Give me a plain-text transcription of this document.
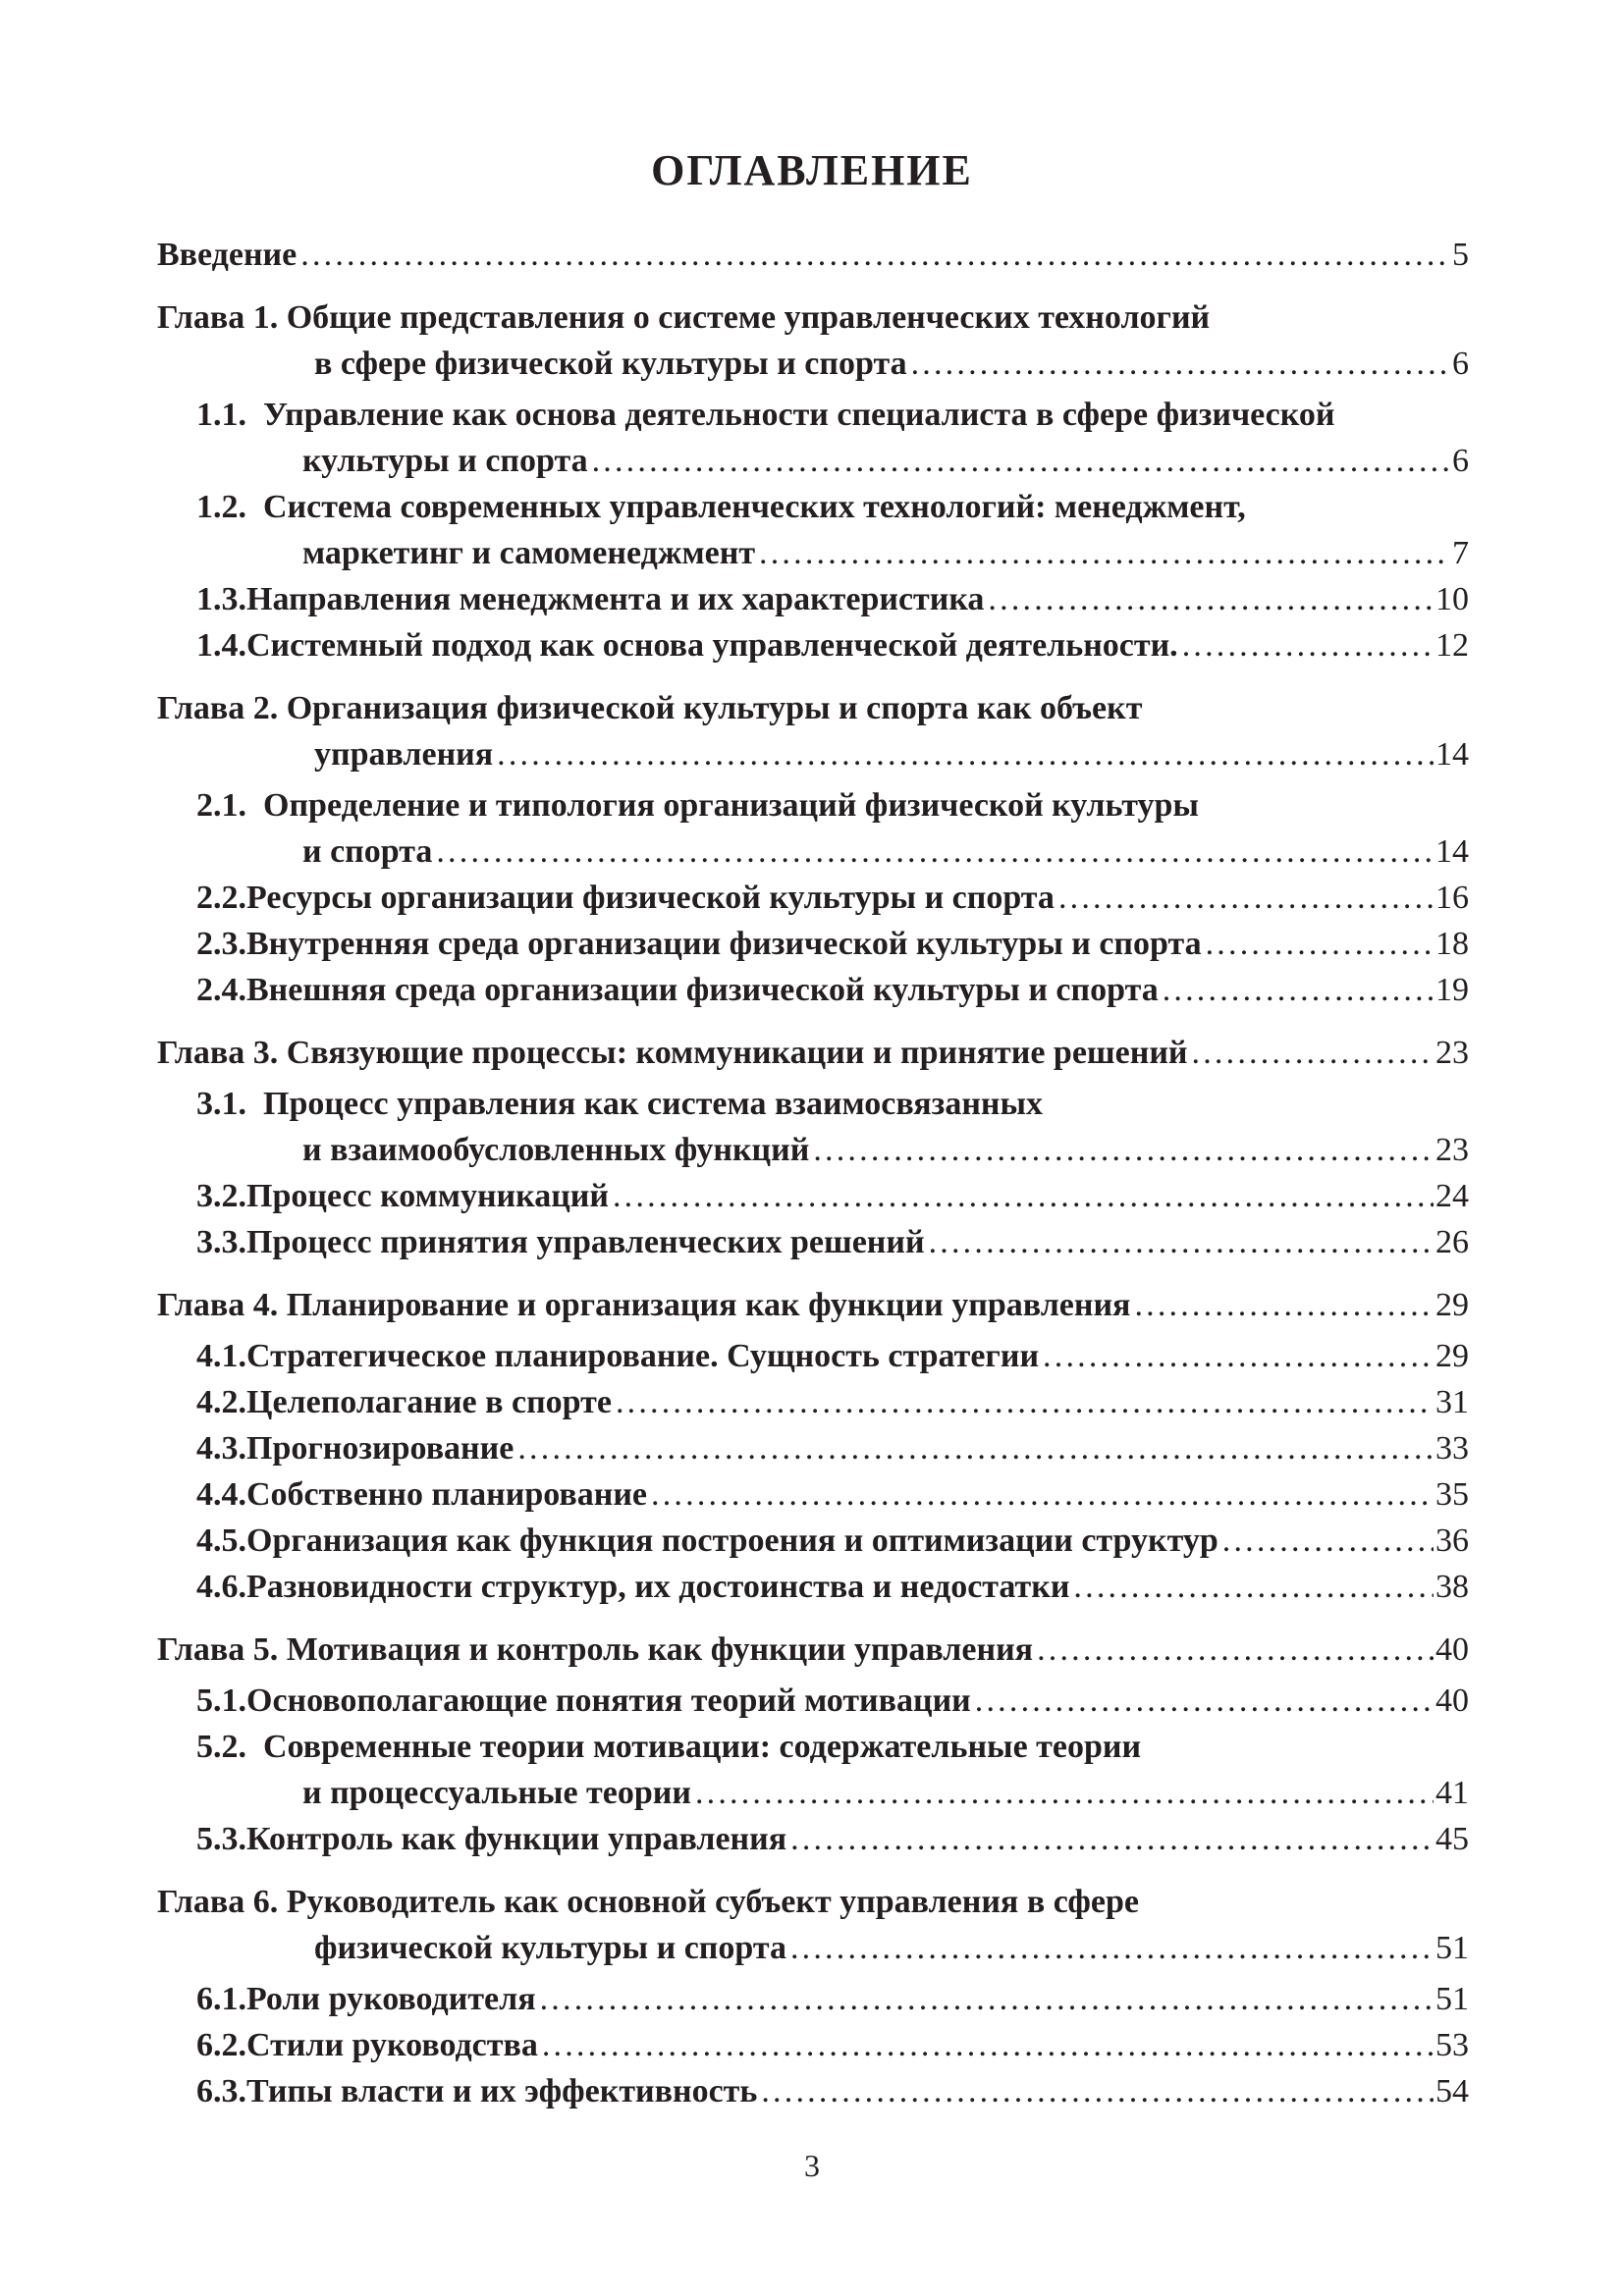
ОГЛАВЛЕНИЕ
Введение .....	5
Глава 1. Общие представления о системе управленческих технологий
в сфере физической культуры и спорта .....	6
1.1. Управление как основа деятельности специалиста в сфере физической
культуры и спорта .....	6
1.2. Система современных управленческих технологий: менеджмент,
маркетинг и самоменеджмент .....	7
1.3. Направления менеджмента и их характеристика .....	10
1.4. Системный подход как основа управленческой деятельности. .....	12
Глава 2. Организация физической культуры и спорта как объект
управления .....	14
2.1. Определение и типология организаций физической культуры
и спорта .....	14
2.2. Ресурсы организации физической культуры и спорта .....	16
2.3. Внутренняя среда организации физической культуры и спорта .....	18
2.4. Внешняя среда организации физической культуры и спорта .....	19
Глава 3. Связующие процессы: коммуникации и принятие решений .....	23
3.1. Процесс управления как система взаимосвязанных
и взаимообусловленных функций .....	23
3.2. Процесс коммуникаций .....	24
3.3. Процесс принятия управленческих решений .....	26
Глава 4. Планирование и организация как функции управления .....	29
4.1. Стратегическое планирование. Сущность стратегии .....	29
4.2. Целеполагание в спорте .....	31
4.3. Прогнозирование .....	33
4.4. Собственно планирование .....	35
4.5. Организация как функция построения и оптимизации структур .....	36
4.6. Разновидности структур, их достоинства и недостатки .....	38
Глава 5. Мотивация и контроль как функции управления .....	40
5.1. Основополагающие понятия теорий мотивации .....	40
5.2. Современные теории мотивации: содержательные теории
и процессуальные теории .....	41
5.3. Контроль как функции управления .....	45
Глава 6. Руководитель как основной субъект управления в сфере
физической культуры и спорта .....	51
6.1. Роли руководителя .....	51
6.2. Стили руководства .....	53
6.3. Типы власти и их эффективность .....	54
3
